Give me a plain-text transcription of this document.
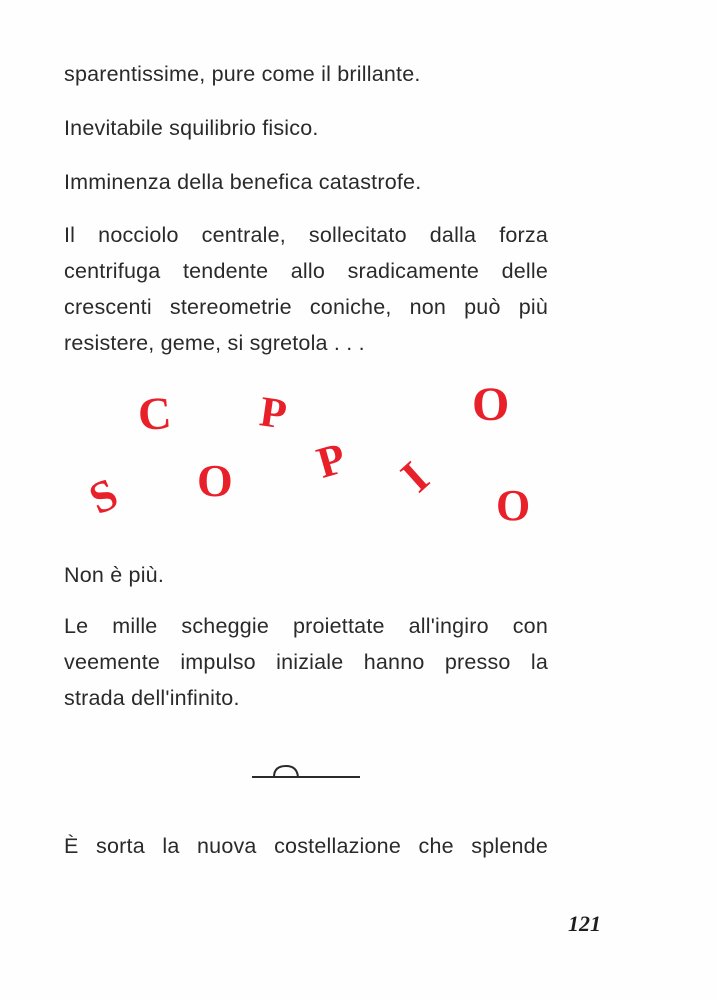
sparentissime, pure come il brillante.
Inevitabile squilibrio fisico.
Imminenza della benefica catastrofe.
Il nocciolo centrale, sollecitato dalla forza
centrifuga tendente allo sradicamente delle
crescenti stereometrie coniche, non può più
resistere, geme, si sgretola . . .
C P	O
S O P I
O
Non è più.
Le mille scheggie proiettate all'ingiro con
veemente impulso iniziale hanno presso la
strada dell'infinito.
È sorta la nuova costellazione che splende
121
